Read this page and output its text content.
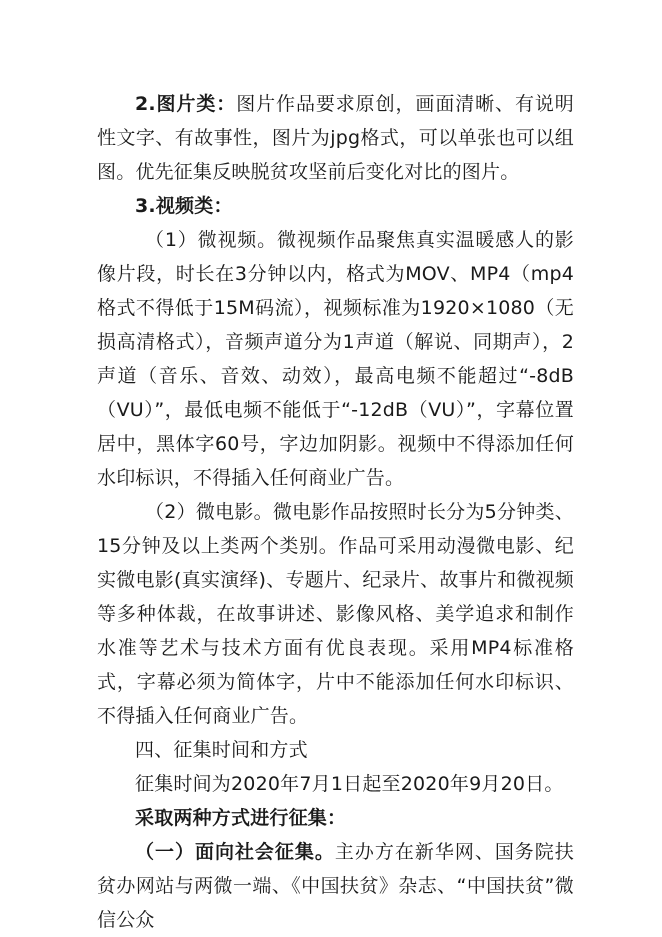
2.图片类：图片作品要求原创，画面清晰、有说明性文字、有故事性，图片为jpg格式，可以单张也可以组图。优先征集反映脱贫攻坚前后变化对比的图片。

3.视频类：

（1）微视频。微视频作品聚焦真实温暖感人的影像片段，时长在3分钟以内，格式为MOV、MP4（mp4格式不得低于15M码流），视频标准为1920×1080（无损高清格式），音频声道分为1声道（解说、同期声），2声道（音乐、音效、动效），最高电频不能超过“-8dB（VU）”，最低电频不能低于“-12dB（VU）”，字幕位置居中，黑体字60号，字边加阴影。视频中不得添加任何水印标识，不得插入任何商业广告。

（2）微电影。微电影作品按照时长分为5分钟类、15分钟及以上类两个类别。作品可采用动漫微电影、纪实微电影(真实演绎)、专题片、纪录片、故事片和微视频等多种体裁，在故事讲述、影像风格、美学追求和制作水准等艺术与技术方面有优良表现。采用MP4标准格式，字幕必须为简体字，片中不能添加任何水印标识、不得插入任何商业广告。

四、征集时间和方式

征集时间为2020年7月1日起至2020年9月20日。

采取两种方式进行征集：

（一）面向社会征集。主办方在新华网、国务院扶贫办网站与两微一端、《中国扶贫》杂志、“中国扶贫”微信公众
